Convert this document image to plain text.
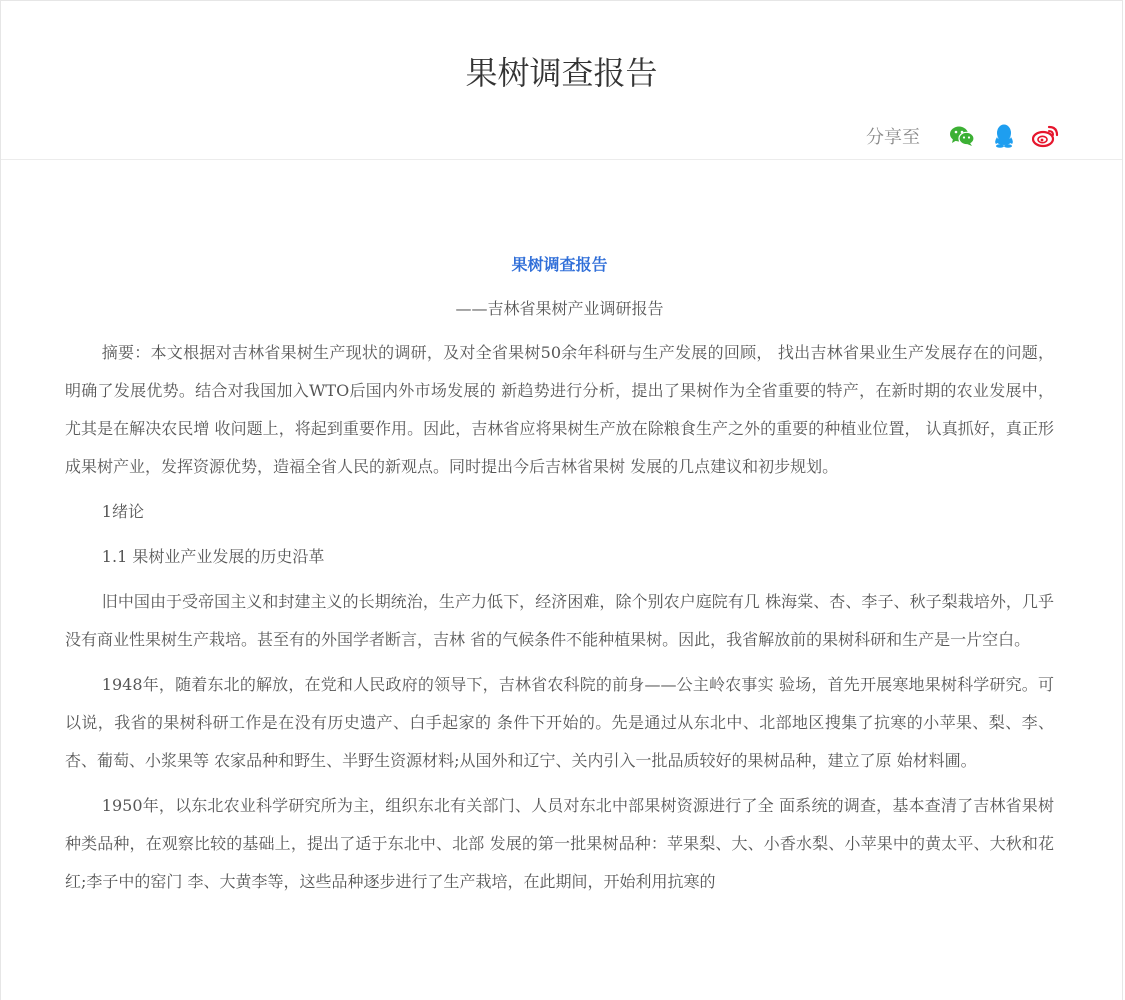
果树调查报告
分享至

果树调查报告

——吉林省果树产业调研报告

摘要：本文根据对吉林省果树生产现状的调研，及对全省果树50余年科研与生产发展的回顾， 找出吉林省果业生产发展存在的问题，明确了发展优势。结合对我国加入WTO后国内外市场发展的 新趋势进行分析，提出了果树作为全省重要的特产，在新时期的农业发展中，尤其是在解决农民增 收问题上，将起到重要作用。因此，吉林省应将果树生产放在除粮食生产之外的重要的种植业位置， 认真抓好，真正形成果树产业，发挥资源优势，造福全省人民的新观点。同时提出今后吉林省果树 发展的几点建议和初步规划。

1绪论

1.1 果树业产业发展的历史沿革

旧中国由于受帝国主义和封建主义的长期统治，生产力低下，经济困难，除个别农户庭院有几 株海棠、杏、李子、秋子梨栽培外，几乎没有商业性果树生产栽培。甚至有的外国学者断言，吉林 省的气候条件不能种植果树。因此，我省解放前的果树科研和生产是一片空白。

1948年，随着东北的解放，在党和人民政府的领导下，吉林省农科院的前身——公主岭农事实 验场，首先开展寒地果树科学研究。可以说，我省的果树科研工作是在没有历史遗产、白手起家的 条件下开始的。先是通过从东北中、北部地区搜集了抗寒的小苹果、梨、李、杏、葡萄、小浆果等 农家品种和野生、半野生资源材料;从国外和辽宁、关内引入一批品质较好的果树品种，建立了原 始材料圃。

1950年，以东北农业科学研究所为主，组织东北有关部门、人员对东北中部果树资源进行了全 面系统的调查，基本查清了吉林省果树种类品种，在观察比较的基础上，提出了适于东北中、北部 发展的第一批果树品种：苹果梨、大、小香水梨、小苹果中的黄太平、大秋和花红;李子中的窑门 李、大黄李等，这些品种逐步进行了生产栽培，在此期间，开始利用抗寒的
